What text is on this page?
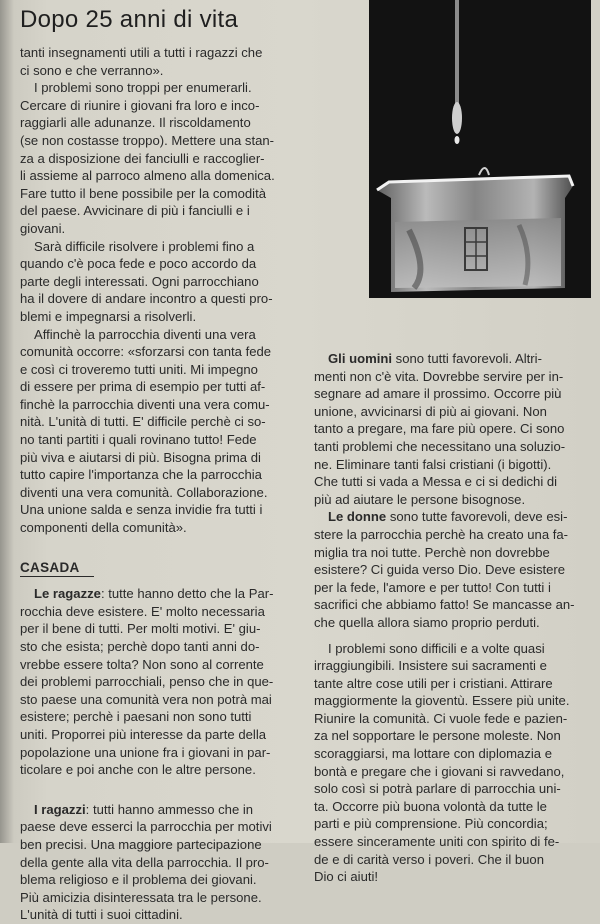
Dopo 25 anni di vita

tanti insegnamenti utili a tutti i ragazzi che
ci sono e che verranno».

I problemi sono troppi per enumerarli.
Cercare di riunire i giovani fra loro e inco-
raggiarli alle adunanze. Il riscoldamento
(se non costasse troppo). Mettere una stan-
za a disposizione dei fanciulli e raccoglier-
li assieme al parroco almeno alla domenica.
Fare tutto il bene possibile per la comodità
del paese. Avvicinare di più i fanciulli e i
giovani.

Sarà difficile risolvere i problemi fino a
quando c'è poca fede e poco accordo da
parte degli interessati. Ogni parrocchiano
ha il dovere di andare incontro a questi pro-
blemi e impegnarsi a risolverli.

Affinchè la parrocchia diventi una vera
comunità occorre: «sforzarsi con tanta fede
e così ci troveremo tutti uniti. Mi impegno
di essere per prima di esempio per tutti af-
finchè la parrocchia diventi una vera comu-
nità. L'unità di tutti. E' difficile perchè ci so-
no tanti partiti i quali rovinano tutto! Fede
più viva e aiutarsi di più. Bisogna prima di
tutto capire l'importanza che la parrocchia
diventi una vera comunità. Collaborazione.
Una unione salda e senza invidie fra tutti i
componenti della comunità».

CASADA

Le ragazze: tutte hanno detto che la Par-
rocchia deve esistere. E' molto necessaria
per il bene di tutti. Per molti motivi. E' giu-
sto che esista; perchè dopo tanti anni do-
vrebbe essere tolta? Non sono al corrente
dei problemi parrocchiali, penso che in que-
sto paese una comunità vera non potrà mai
esistere; perchè i paesani non sono tutti
uniti. Proporrei più interesse da parte della
popolazione una unione fra i giovani in par-
ticolare e poi anche con le altre persone.

I ragazzi: tutti hanno ammesso che in
paese deve esserci la parrocchia per motivi
ben precisi. Una maggiore partecipazione
della gente alla vita della parrocchia. Il pro-
blema religioso e il problema dei giovani.
Più amicizia disinteressata tra le persone.
L'unità di tutti i suoi cittadini.

Gli uomini sono tutti favorevoli. Altri-
menti non c'è vita. Dovrebbe servire per in-
segnare ad amare il prossimo. Occorre più
unione, avvicinarsi di più ai giovani. Non
tanto a pregare, ma fare più opere. Ci sono
tanti problemi che necessitano una soluzio-
ne. Eliminare tanti falsi cristiani (i bigotti).
Che tutti si vada a Messa e ci si dedichi di
più ad aiutare le persone bisognose.

Le donne sono tutte favorevoli, deve esi-
stere la parrocchia perchè ha creato una fa-
miglia tra noi tutte. Perchè non dovrebbe
esistere? Ci guida verso Dio. Deve esistere
per la fede, l'amore e per tutto! Con tutti i
sacrifici che abbiamo fatto! Se mancasse an-
che quella allora siamo proprio perduti.

I problemi sono difficili e a volte quasi
irraggiungibili. Insistere sui sacramenti e
tante altre cose utili per i cristiani. Attirare
maggiormente la gioventù. Essere più unite.
Riunire la comunità. Ci vuole fede e pazien-
za nel sopportare le persone moleste. Non
scoraggiarsi, ma lottare con diplomazia e
bontà e pregare che i giovani si ravvedano,
solo così si potrà parlare di parrocchia uni-
ta. Occorre più buona volontà da tutte le
parti e più comprensione. Più concordia;
essere sinceramente uniti con spirito di fe-
de e di carità verso i poveri. Che il buon
Dio ci aiuti!
